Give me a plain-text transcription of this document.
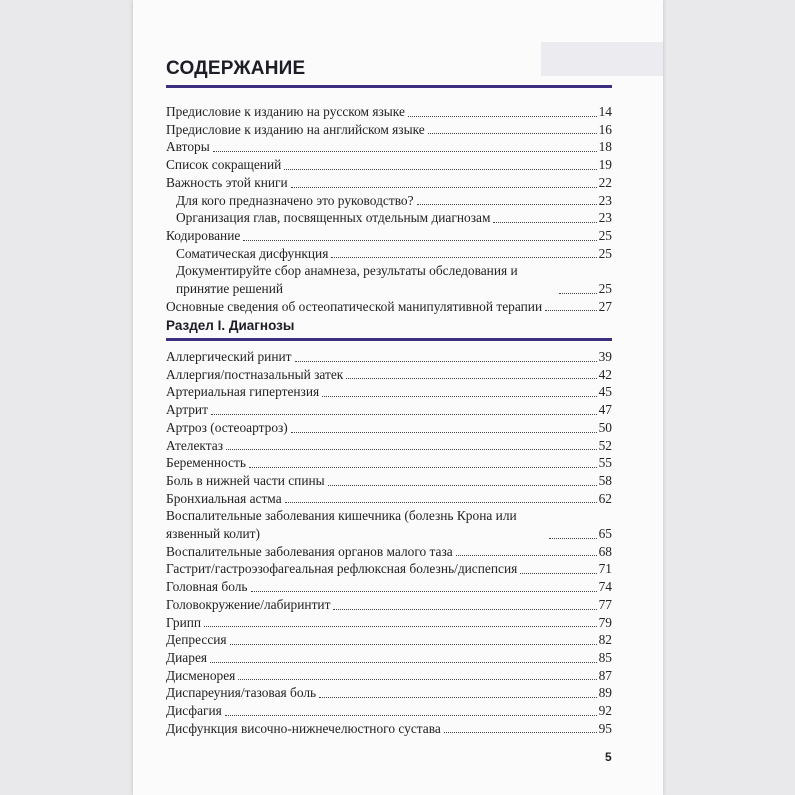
СОДЕРЖАНИЕ
Предисловие к изданию на русском языке	14
Предисловие к изданию на английском языке	16
Авторы	18
Список сокращений	19
Важность этой книги	22
Для кого предназначено это руководство?	23
Организация глав, посвященных отдельным диагнозам	23
Кодирование	25
Соматическая дисфункция	25
Документируйте сбор анамнеза, результаты обследования и принятие решений	25
Основные сведения об остеопатической манипулятивной терапии	27
Раздел I. Диагнозы
Аллергический ринит	39
Аллергия/постназальный затек	42
Артериальная гипертензия	45
Артрит	47
Артроз (остеоартроз)	50
Ателектаз	52
Беременность	55
Боль в нижней части спины	58
Бронхиальная астма	62
Воспалительные заболевания кишечника (болезнь Крона или язвенный колит)	65
Воспалительные заболевания органов малого таза	68
Гастрит/гастроэзофагеальная рефлюксная болезнь/диспепсия	71
Головная боль	74
Головокружение/лабиринтит	77
Грипп	79
Депрессия	82
Диарея	85
Дисменорея	87
Диспареуния/тазовая боль	89
Дисфагия	92
Дисфункция височно-нижнечелюстного сустава	95
5
